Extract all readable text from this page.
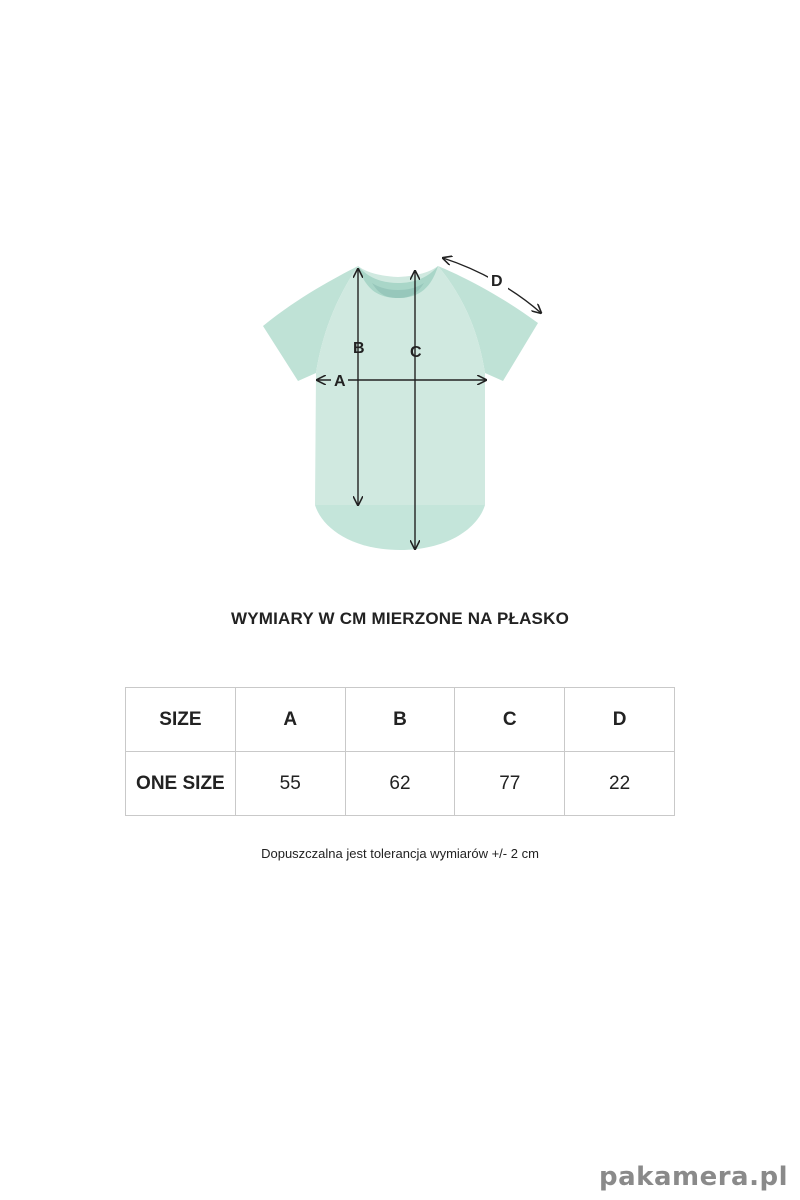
A
B	C
D
WYMIARY W CM MIERZONE NA PŁASKO
SIZE	A	B	C	D
ONE SIZE	55	62	77	22
Dopuszczalna jest tolerancja wymiarów +/- 2 cm
pakamera.pl
